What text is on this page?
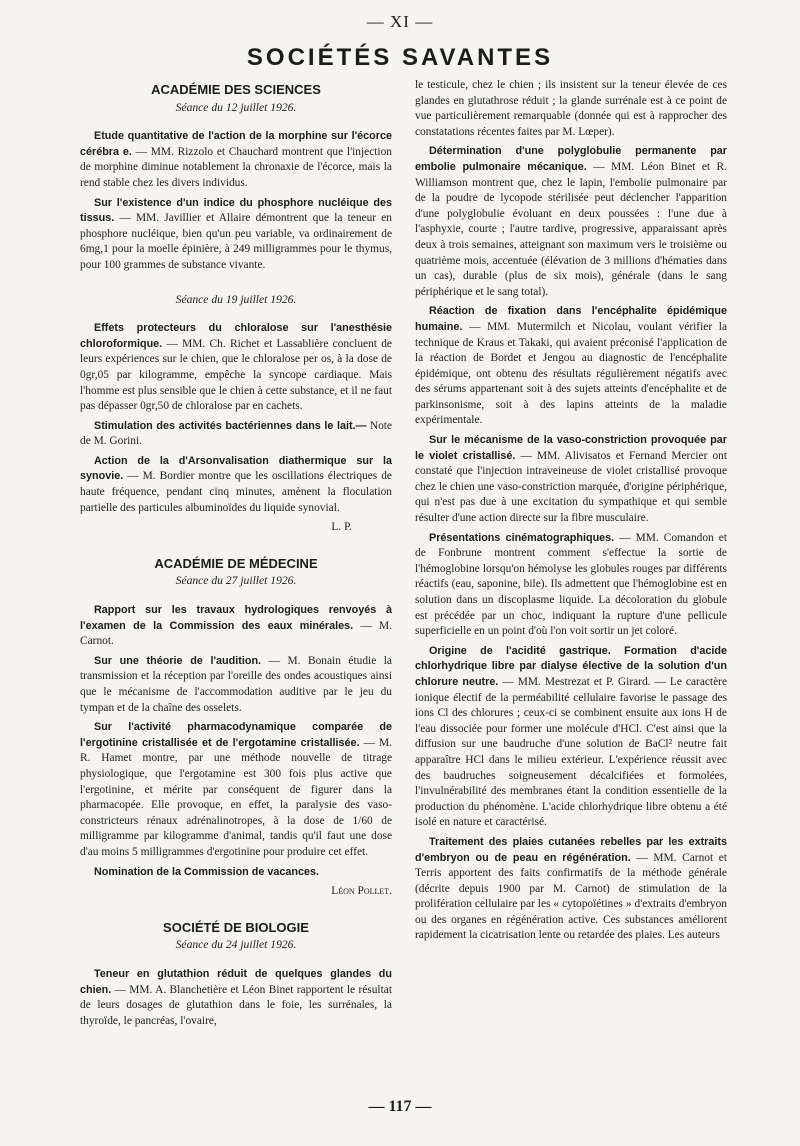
— XI —
SOCIÉTÉS SAVANTES
ACADÉMIE DES SCIENCES
Séance du 12 juillet 1926.

Etude quantitative de l'action de la morphine sur l'écorce cérébra e. — MM. Rizzolo et Chauchard montrent que l'injection de morphine diminue notablement la chronaxie de l'écorce, mais la rend stable chez les divers individus.

Sur l'existence d'un indice du phosphore nucléique des tissus. — MM. Javillier et Allaire démontrent que la teneur en phosphore nucléique, bien qu'un peu variable, va ordinairement de 6mg,1 pour la moelle épinière, à 249 milligrammes pour le thymus, pour 100 grammes de substance vivante.

Séance du 19 juillet 1926.

Effets protecteurs du chloralose sur l'anesthésie chloroformique. — MM. Ch. Richet et Lassablière concluent de leurs expériences sur le chien, que le chloralose per os, à la dose de 0gr,05 par kilogramme, empêche la syncope cardiaque. Mais l'homme est plus sensible que le chien à cette substance, et il ne faut pas dépasser 0gr,50 de chloralose par en cachets.

Stimulation des activités bactériennes dans le lait.— Note de M. Gorini.

Action de la d'Arsonvalisation diathermique sur la synovie. — M. Bordier montre que les oscillations électriques de haute fréquence, pendant cinq minutes, amènent la floculation partielle des particules albuminoïdes du liquide synovial.

L. P.
ACADÉMIE DE MÉDECINE
Séance du 27 juillet 1926.

Rapport sur les travaux hydrologiques renvoyés à l'examen de la Commission des eaux minérales. — M. Carnot.

Sur une théorie de l'audition. — M. Bonain étudie la transmission et la réception par l'oreille des ondes acoustiques ainsi que le mécanisme de l'accommodation auditive par le jeu du tympan et de la chaîne des osselets.

Sur l'activité pharmacodynamique comparée de l'ergotinine cristallisée et de l'ergotamine cristallisée. — M. R. Hamet montre, par une méthode nouvelle de titrage physiologique, que l'ergotamine est 300 fois plus active que l'ergotinine, et mérite par conséquent de figurer dans la pharmacopée. Elle provoque, en effet, la paralysie des vaso-constricteurs rénaux adrénalinotropes, à la dose de 1/60 de milligramme par kilogramme d'animal, tandis qu'il faut une dose d'au moins 5 milligrammes d'ergotinine pour produire cet effet.

Nomination de la Commission de vacances.

Léon Pollet.
SOCIÉTÉ DE BIOLOGIE
Séance du 24 juillet 1926.

Teneur en glutathion réduit de quelques glandes du chien. — MM. A. Blanchetière et Léon Binet rapportent le résultat de leurs dosages de glutathion dans le foie, les surrénales, la thyroïde, le pancréas, l'ovaire,

le testicule, chez le chien ; ils insistent sur la teneur élevée de ces glandes en glutathrose réduit ; la glande surrénale est à ce point de vue particulièrement remarquable (donnée qui est à rapprocher des constatations récentes faites par M. Lœper).

Détermination d'une polyglobulie permanente par embolie pulmonaire mécanique. — MM. Léon Binet et R. Williamson montrent que, chez le lapin, l'embolie pulmonaire par de la poudre de lycopode stérilisée peut déclencher l'apparition d'une polyglobulie évoluant en deux poussées : l'une due à l'asphyxie, courte ; l'autre tardive, progressive, apparaissant après deux à trois semaines, atteignant son maximum vers le troisième ou quatrième mois, accentuée (élévation de 3 millions d'hématies dans un cas), durable (plus de six mois), générale (dans le sang périphérique et le sang total).

Réaction de fixation dans l'encéphalite épidémique humaine. — MM. Mutermilch et Nicolau, voulant vérifier la technique de Kraus et Takaki, qui avaient préconisé l'application de la réaction de Bordet et Jengou au diagnostic de l'encéphalite épidémique, ont obtenu des résultats régulièrement négatifs avec des sérums appartenant soit à des sujets atteints d'encéphalite et de parkinsonisme, soit à des lapins atteints de la maladie expérimentale.

Sur le mécanisme de la vaso-constriction provoquée par le violet cristallisé. — MM. Alivisatos et Fernand Mercier ont constaté que l'injection intraveineuse de violet cristallisé provoque chez le chien une vaso-constriction marquée, d'origine périphérique, qui n'est pas due à une excitation du sympathique et qui semble résulter d'une action directe sur la fibre musculaire.

Présentations cinématographiques. — MM. Comandon et de Fonbrune montrent comment s'effectue la sortie de l'hémoglobine lorsqu'on hémolyse les globules rouges par différents réactifs (eau, saponine, bile). Ils admettent que l'hémoglobine est en solution dans un discoplasme liquide. La décoloration du globule est précédée par un choc, indiquant la rupture d'une pellicule superficielle en un point d'où l'on voit sortir un jet coloré.

Origine de l'acidité gastrique. Formation d'acide chlorhydrique libre par dialyse élective de la solution d'un chlorure neutre. — MM. Mestrezat et P. Girard. — Le caractère ionique électif de la perméabilité cellulaire favorise le passage des ions Cl des chlorures ; ceux-ci se combinent ensuite aux ions H de l'eau dissociée pour former une molécule d'HCl. C'est ainsi que la diffusion sur une baudruche d'une solution de BaCl² neutre fait apparaître HCl dans le milieu extérieur. L'expérience réussit avec des baudruches soigneusement décalcifiées et formolées, l'invulnérabilité des membranes étant la condition essentielle de la production du phénomène. L'acide chlorhydrique libre obtenu a été isolé en nature et caractérisé.

Traitement des plaies cutanées rebelles par les extraits d'embryon ou de peau en régénération. — MM. Carnot et Terris apportent des faits confirmatifs de la méthode générale (décrite depuis 1900 par M. Carnot) de stimulation de la prolifération cellulaire par les « cytopoïétines » d'extraits d'embryon ou des organes en régénération active. Ces substances améliorent rapidement la cicatrisation lente ou retardée des plaies. Les auteurs

— 117 —
